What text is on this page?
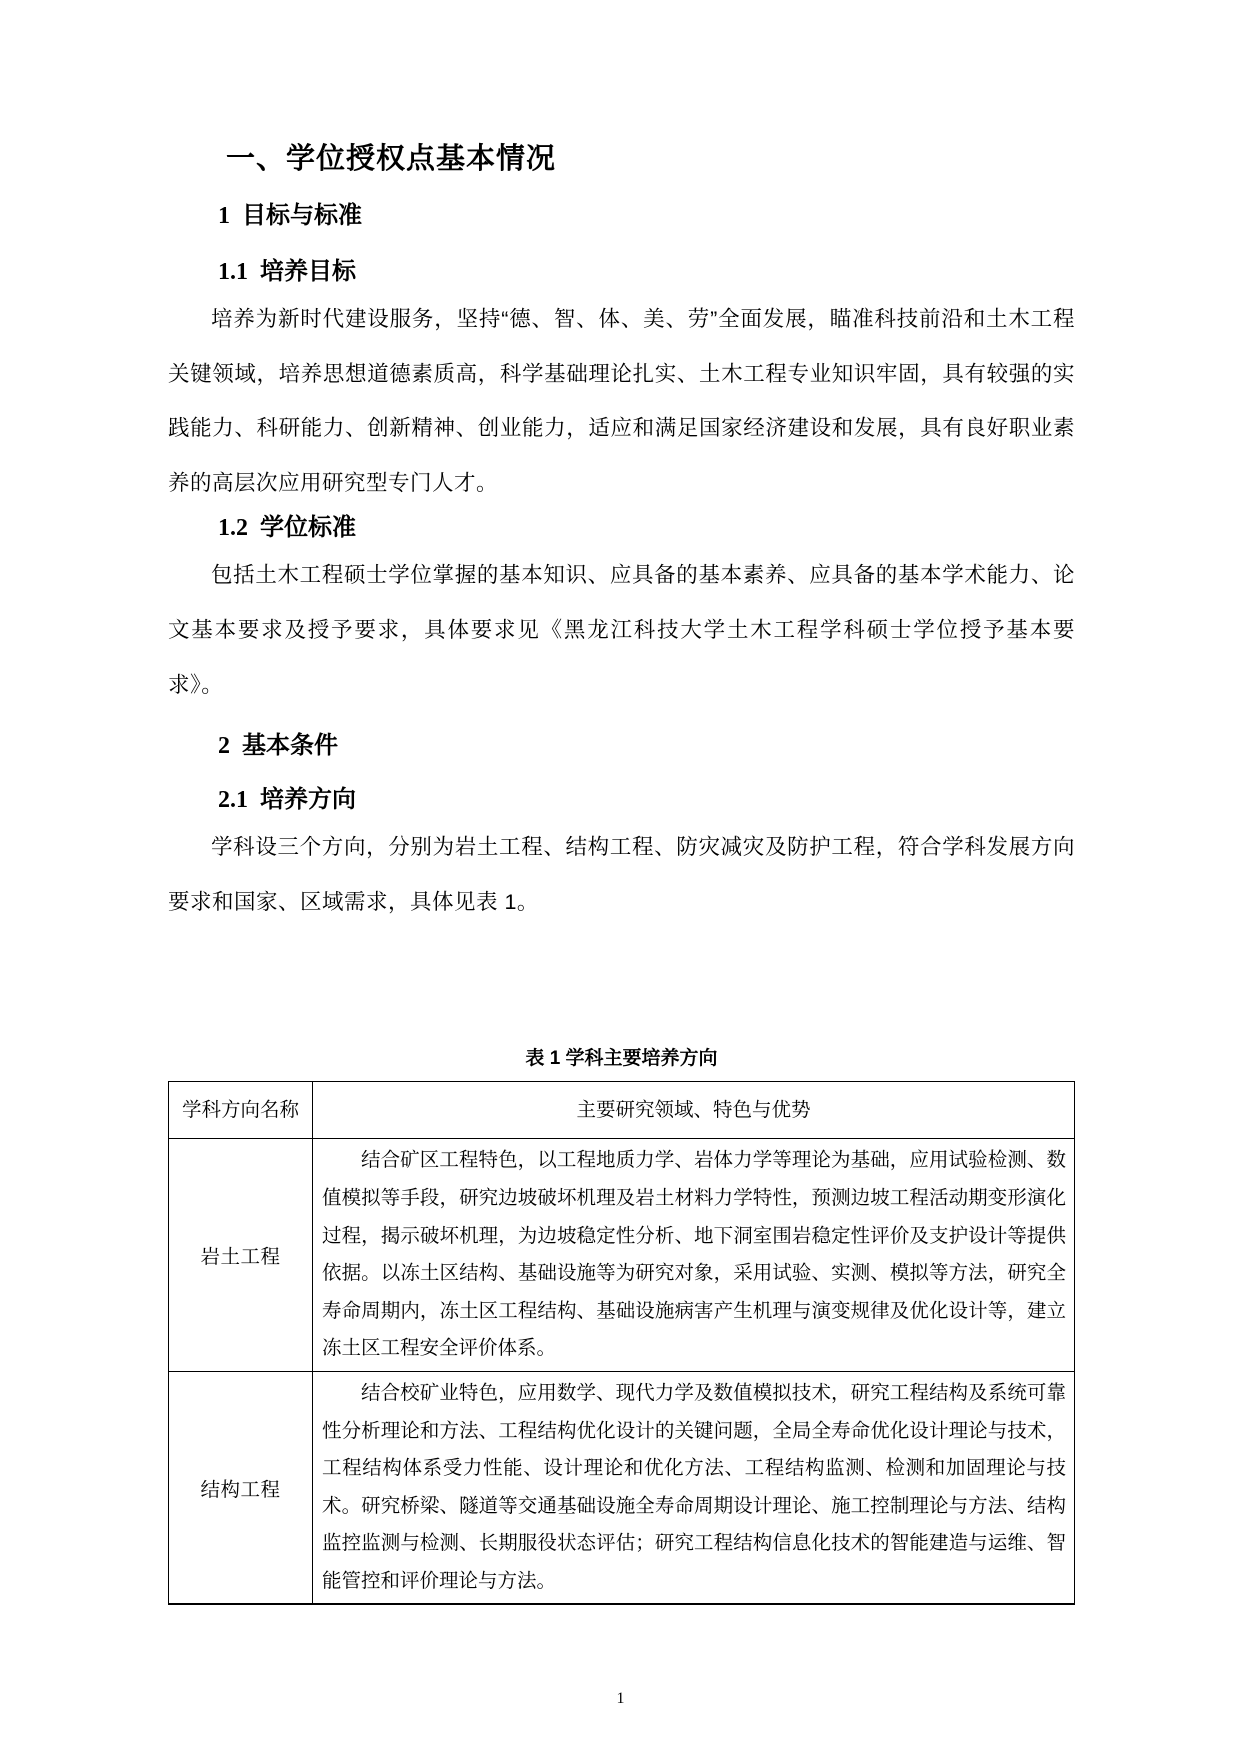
一、学位授权点基本情况
1 目标与标准
1.1 培养目标

培养为新时代建设服务，坚持“德、智、体、美、劳”全面发展，瞄准科技前沿和土木工程关键领域，培养思想道德素质高，科学基础理论扎实、土木工程专业知识牢固，具有较强的实践能力、科研能力、创新精神、创业能力，适应和满足国家经济建设和发展，具有良好职业素养的高层次应用研究型专门人才。

1.2 学位标准

包括土木工程硕士学位掌握的基本知识、应具备的基本素养、应具备的基本学术能力、论文基本要求及授予要求，具体要求见《黑龙江科技大学土木工程学科硕士学位授予基本要求》。

2 基本条件
2.1 培养方向

学科设三个方向，分别为岩土工程、结构工程、防灾减灾及防护工程，符合学科发展方向要求和国家、区域需求，具体见表 1。

表 1 学科主要培养方向
学科方向名称	主要研究领域、特色与优势
岩土工程	结合矿区工程特色，以工程地质力学、岩体力学等理论为基础，应用试验检测、数值模拟等手段，研究边坡破坏机理及岩土材料力学特性，预测边坡工程活动期变形演化过程，揭示破坏机理，为边坡稳定性分析、地下洞室围岩稳定性评价及支护设计等提供依据。以冻土区结构、基础设施等为研究对象，采用试验、实测、模拟等方法，研究全寿命周期内，冻土区工程结构、基础设施病害产生机理与演变规律及优化设计等，建立冻土区工程安全评价体系。
结构工程	结合校矿业特色，应用数学、现代力学及数值模拟技术，研究工程结构及系统可靠性分析理论和方法、工程结构优化设计的关键问题，全局全寿命优化设计理论与技术，工程结构体系受力性能、设计理论和优化方法、工程结构监测、检测和加固理论与技术。研究桥梁、隧道等交通基础设施全寿命周期设计理论、施工控制理论与方法、结构监控监测与检测、长期服役状态评估；研究工程结构信息化技术的智能建造与运维、智能管控和评价理论与方法。
1
